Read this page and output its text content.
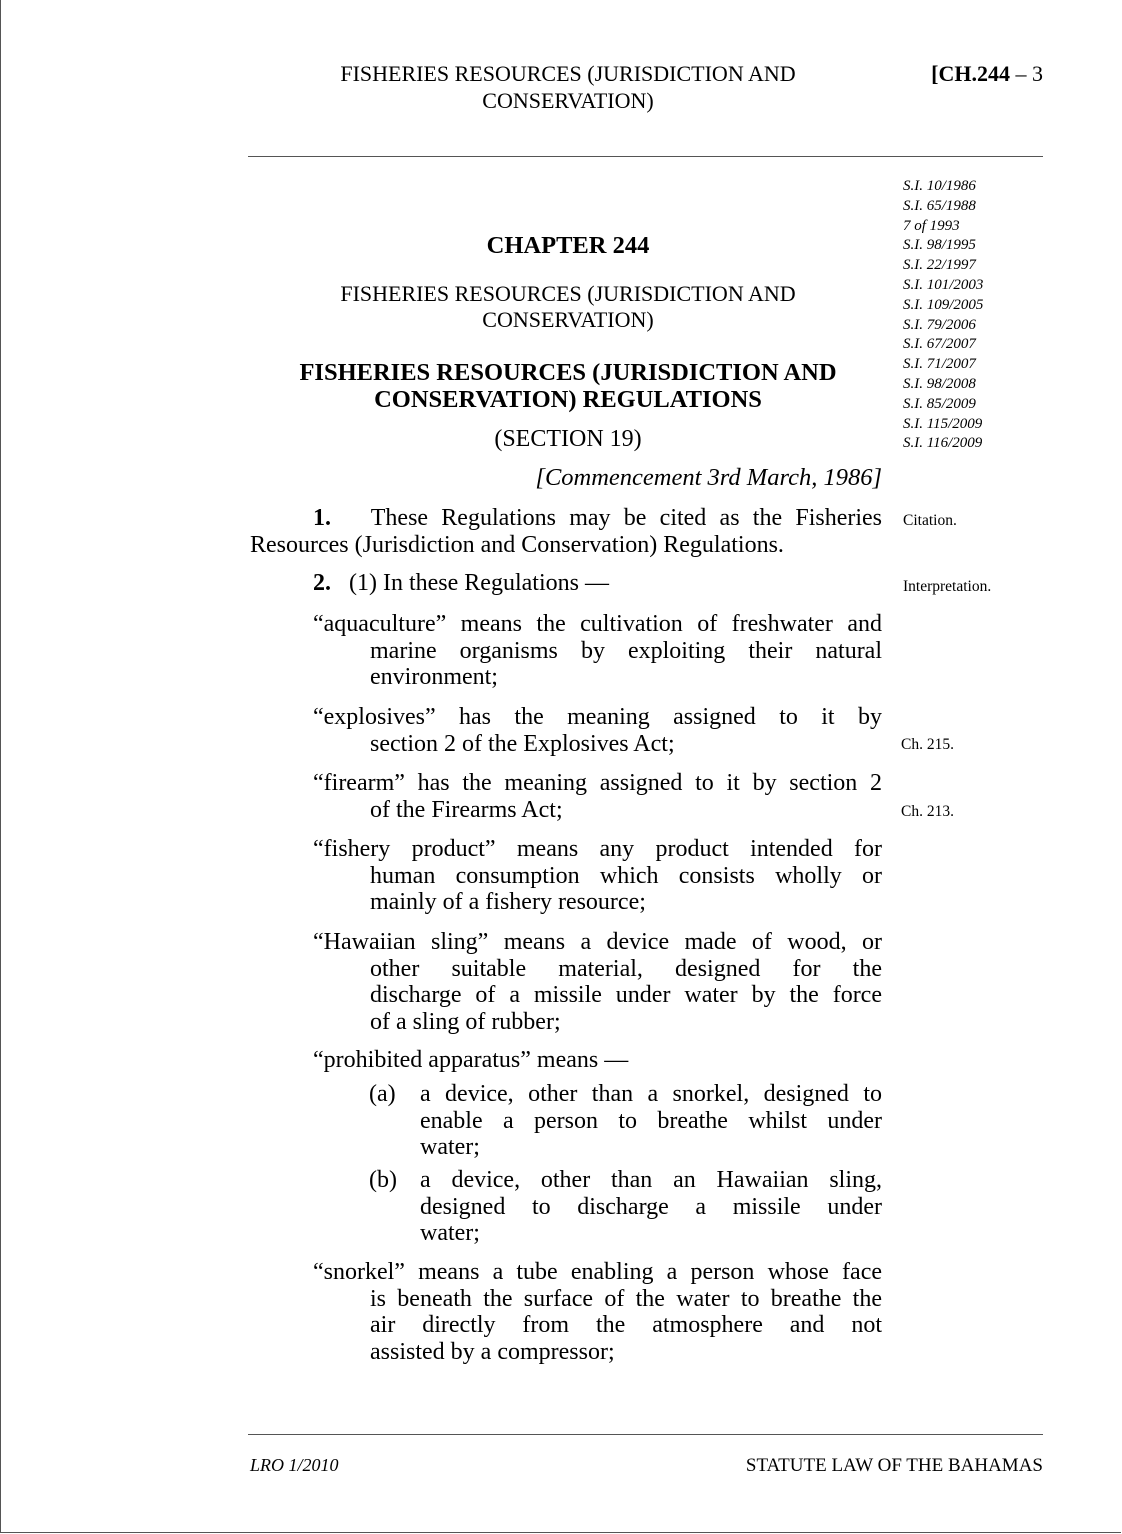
FISHERIES RESOURCES (JURISDICTION AND
CONSERVATION)
[CH.244 – 3
S.I. 10/1986
S.I. 65/1988
7 of 1993
S.I. 98/1995
S.I. 22/1997
S.I. 101/2003
S.I. 109/2005
S.I. 79/2006
S.I. 67/2007
S.I. 71/2007
S.I. 98/2008
S.I. 85/2009
S.I. 115/2009
S.I. 116/2009
CHAPTER 244
FISHERIES RESOURCES (JURISDICTION AND
CONSERVATION)
FISHERIES RESOURCES (JURISDICTION AND
CONSERVATION) REGULATIONS
(SECTION 19)
[Commencement 3rd March, 1986]
1. These Regulations may be cited as the Fisheries
Resources (Jurisdiction and Conservation) Regulations.
Citation.
2. (1) In these Regulations —	Interpretation.
“aquaculture” means the cultivation of freshwater and
marine organisms by exploiting their natural
environment;
“explosives” has the meaning assigned to it by
section 2 of the Explosives Act;	Ch. 215.
“firearm” has the meaning assigned to it by section 2
of the Firearms Act;	Ch. 213.
“fishery product” means any product intended for
human consumption which consists wholly or
mainly of a fishery resource;
“Hawaiian sling” means a device made of wood, or
other suitable material, designed for the
discharge of a missile under water by the force
of a sling of rubber;
“prohibited apparatus” means —
(a) a device, other than a snorkel, designed to
enable a person to breathe whilst under
water;
(b) a device, other than an Hawaiian sling,
designed to discharge a missile under
water;
“snorkel” means a tube enabling a person whose face
is beneath the surface of the water to breathe the
air directly from the atmosphere and not
assisted by a compressor;
LRO 1/2010	STATUTE LAW OF THE BAHAMAS
